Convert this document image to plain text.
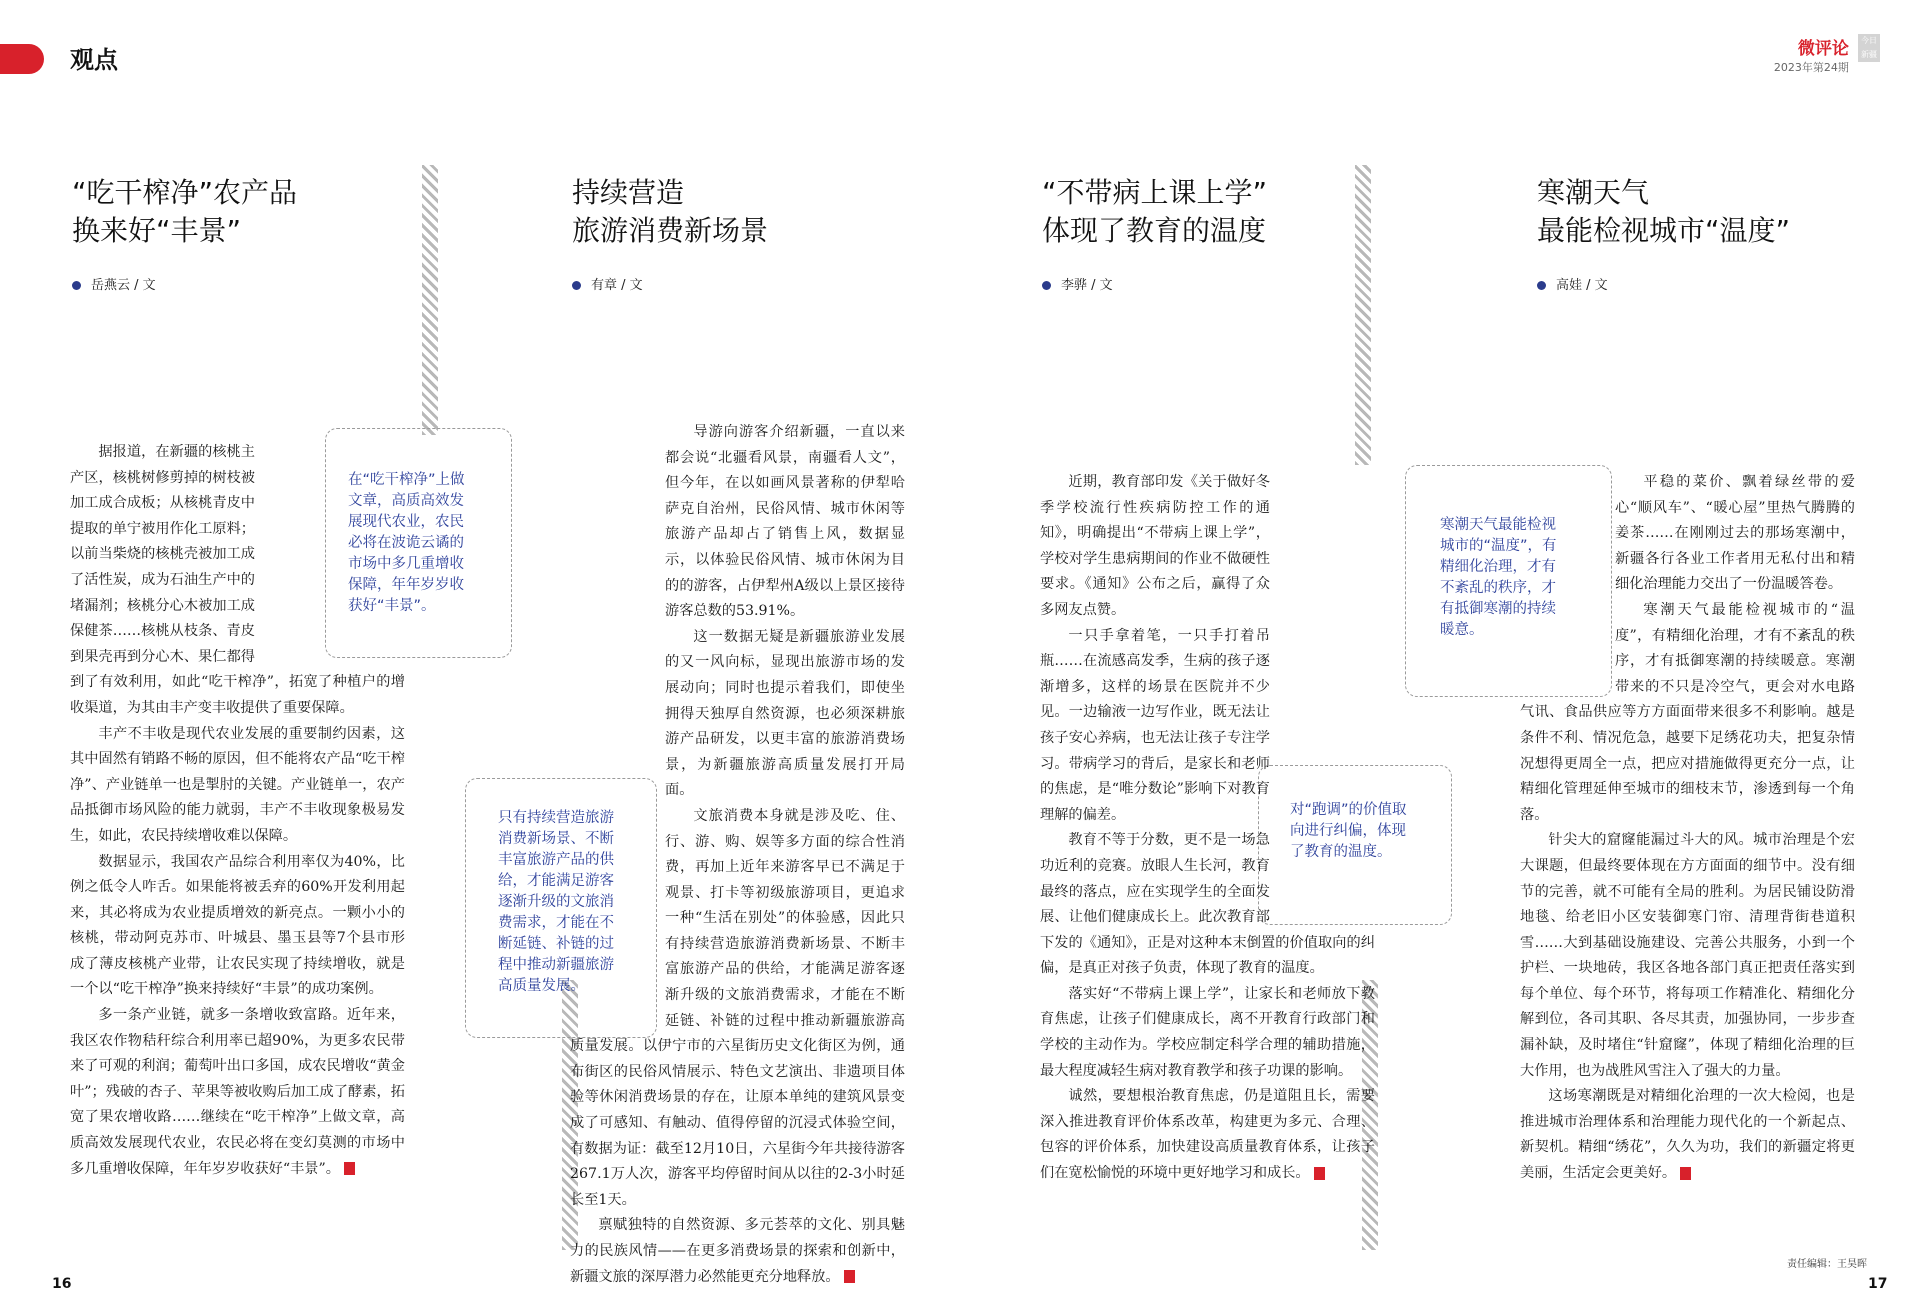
观点	微评论
2023年第24期
今日新疆
“吃干榨净”农产品
换来好“丰景”
岳燕云 / 文
持续营造
旅游消费新场景
有章 / 文
“不带病上课上学”
体现了教育的温度
李骅 / 文
寒潮天气
最能检视城市“温度”
高娃 / 文
在“吃干榨净”上做文章，高质高效发展现代农业，农民必将在波诡云谲的市场中多几重增收保障，年年岁岁收获好“丰景”。
只有持续营造旅游消费新场景、不断丰富旅游产品的供给，才能满足游客逐渐升级的文旅消费需求，才能在不断延链、补链的过程中推动新疆旅游高质量发展。
对“跑调”的价值取向进行纠偏，体现了教育的温度。
寒潮天气最能检视城市的“温度”，有精细化治理，才有不紊乱的秩序，才有抵御寒潮的持续暖意。

据报道，在新疆的核桃主产区，核桃树修剪掉的树枝被加工成合成板；从核桃青皮中提取的单宁被用作化工原料；以前当柴烧的核桃壳被加工成了活性炭，成为石油生产中的堵漏剂；核桃分心木被加工成保健茶……核桃从枝条、青皮到果壳再到分心木、果仁都得到了有效利用，如此“吃干榨净”，拓宽了种植户的增收渠道，为其由丰产变丰收提供了重要保障。

丰产不丰收是现代农业发展的重要制约因素，这其中固然有销路不畅的原因，但不能将农产品“吃干榨净”、产业链单一也是掣肘的关键。产业链单一，农产品抵御市场风险的能力就弱，丰产不丰收现象极易发生，如此，农民持续增收难以保障。

数据显示，我国农产品综合利用率仅为40%，比例之低令人咋舌。如果能将被丢弃的60%开发利用起来，其必将成为农业提质增效的新亮点。一颗小小的核桃，带动阿克苏市、叶城县、墨玉县等7个县市形成了薄皮核桃产业带，让农民实现了持续增收，就是一个以“吃干榨净”换来持续好“丰景”的成功案例。

多一条产业链，就多一条增收致富路。近年来，我区农作物秸秆综合利用率已超90%，为更多农民带来了可观的利润；葡萄叶出口多国，成农民增收“黄金叶”；残破的杏子、苹果等被收购后加工成了酵素，拓宽了果农增收路……继续在“吃干榨净”上做文章，高质高效发展现代农业，农民必将在变幻莫测的市场中多几重增收保障，年年岁岁收获好“丰景”。

导游向游客介绍新疆，一直以来都会说“北疆看风景，南疆看人文”，但今年，在以如画风景著称的伊犁哈萨克自治州，民俗风情、城市休闲等旅游产品却占了销售上风，数据显示，以体验民俗风情、城市休闲为目的的游客，占伊犁州A级以上景区接待游客总数的53.91%。

这一数据无疑是新疆旅游业发展的又一风向标，显现出旅游市场的发展动向；同时也提示着我们，即使坐拥得天独厚自然资源，也必须深耕旅游产品研发，以更丰富的旅游消费场景，为新疆旅游高质量发展打开局面。

文旅消费本身就是涉及吃、住、行、游、购、娱等多方面的综合性消费，再加上近年来游客早已不满足于观景、打卡等初级旅游项目，更追求一种“生活在别处”的体验感，因此只有持续营造旅游消费新场景、不断丰富旅游产品的供给，才能满足游客逐渐升级的文旅消费需求，才能在不断延链、补链的过程中推动新疆旅游高质量发展。以伊宁市的六星街历史文化街区为例，通布街区的民俗风情展示、特色文艺演出、非遗项目体验等休闲消费场景的存在，让原本单纯的建筑风景变成了可感知、有触动、值得停留的沉浸式体验空间，有数据为证：截至12月10日，六星街今年共接待游客267.1万人次，游客平均停留时间从以往的2-3小时延长至1天。

禀赋独特的自然资源、多元荟萃的文化、别具魅力的民族风情——在更多消费场景的探索和创新中，新疆文旅的深厚潜力必然能更充分地释放。

近期，教育部印发《关于做好冬季学校流行性疾病防控工作的通知》，明确提出“不带病上课上学”，学校对学生患病期间的作业不做硬性要求。《通知》公布之后，赢得了众多网友点赞。

一只手拿着笔，一只手打着吊瓶……在流感高发季，生病的孩子逐渐增多，这样的场景在医院并不少见。一边输液一边写作业，既无法让孩子安心养病，也无法让孩子专注学习。带病学习的背后，是家长和老师的焦虑，是“唯分数论”影响下对教育理解的偏差。

教育不等于分数，更不是一场急功近利的竞赛。放眼人生长河，教育最终的落点，应在实现学生的全面发展、让他们健康成长上。此次教育部下发的《通知》，正是对这种本末倒置的价值取向的纠偏，是真正对孩子负责，体现了教育的温度。

落实好“不带病上课上学”，让家长和老师放下教育焦虑，让孩子们健康成长，离不开教育行政部门和学校的主动作为。学校应制定科学合理的辅助措施，最大程度减轻生病对教育教学和孩子功课的影响。

诚然，要想根治教育焦虑，仍是道阻且长，需要深入推进教育评价体系改革，构建更为多元、合理、包容的评价体系，加快建设高质量教育体系，让孩子们在宽松愉悦的环境中更好地学习和成长。

平稳的菜价、飘着绿丝带的爱心“顺风车”、“暖心屋”里热气腾腾的姜茶……在刚刚过去的那场寒潮中，新疆各行各业工作者用无私付出和精细化治理能力交出了一份温暖答卷。

寒潮天气最能检视城市的“温度”，有精细化治理，才有不紊乱的秩序，才有抵御寒潮的持续暖意。寒潮带来的不只是冷空气，更会对水电路气讯、食品供应等方方面面带来很多不利影响。越是条件不利、情况危急，越要下足绣花功夫，把复杂情况想得更周全一点，把应对措施做得更充分一点，让精细化管理延伸至城市的细枝末节，渗透到每一个角落。

针尖大的窟窿能漏过斗大的风。城市治理是个宏大课题，但最终要体现在方方面面的细节中。没有细节的完善，就不可能有全局的胜利。为居民铺设防滑地毯、给老旧小区安装御寒门帘、清理背街巷道积雪……大到基础设施建设、完善公共服务，小到一个护栏、一块地砖，我区各地各部门真正把责任落实到每个单位、每个环节，将每项工作精准化、精细化分解到位，各司其职、各尽其责，加强协同，一步步查漏补缺，及时堵住“针窟窿”，体现了精细化治理的巨大作用，也为战胜风雪注入了强大的力量。

这场寒潮既是对精细化治理的一次大检阅，也是推进城市治理体系和治理能力现代化的一个新起点、新契机。精细“绣花”，久久为功，我们的新疆定将更美丽，生活定会更美好。

16
责任编辑：王昊晖
17
